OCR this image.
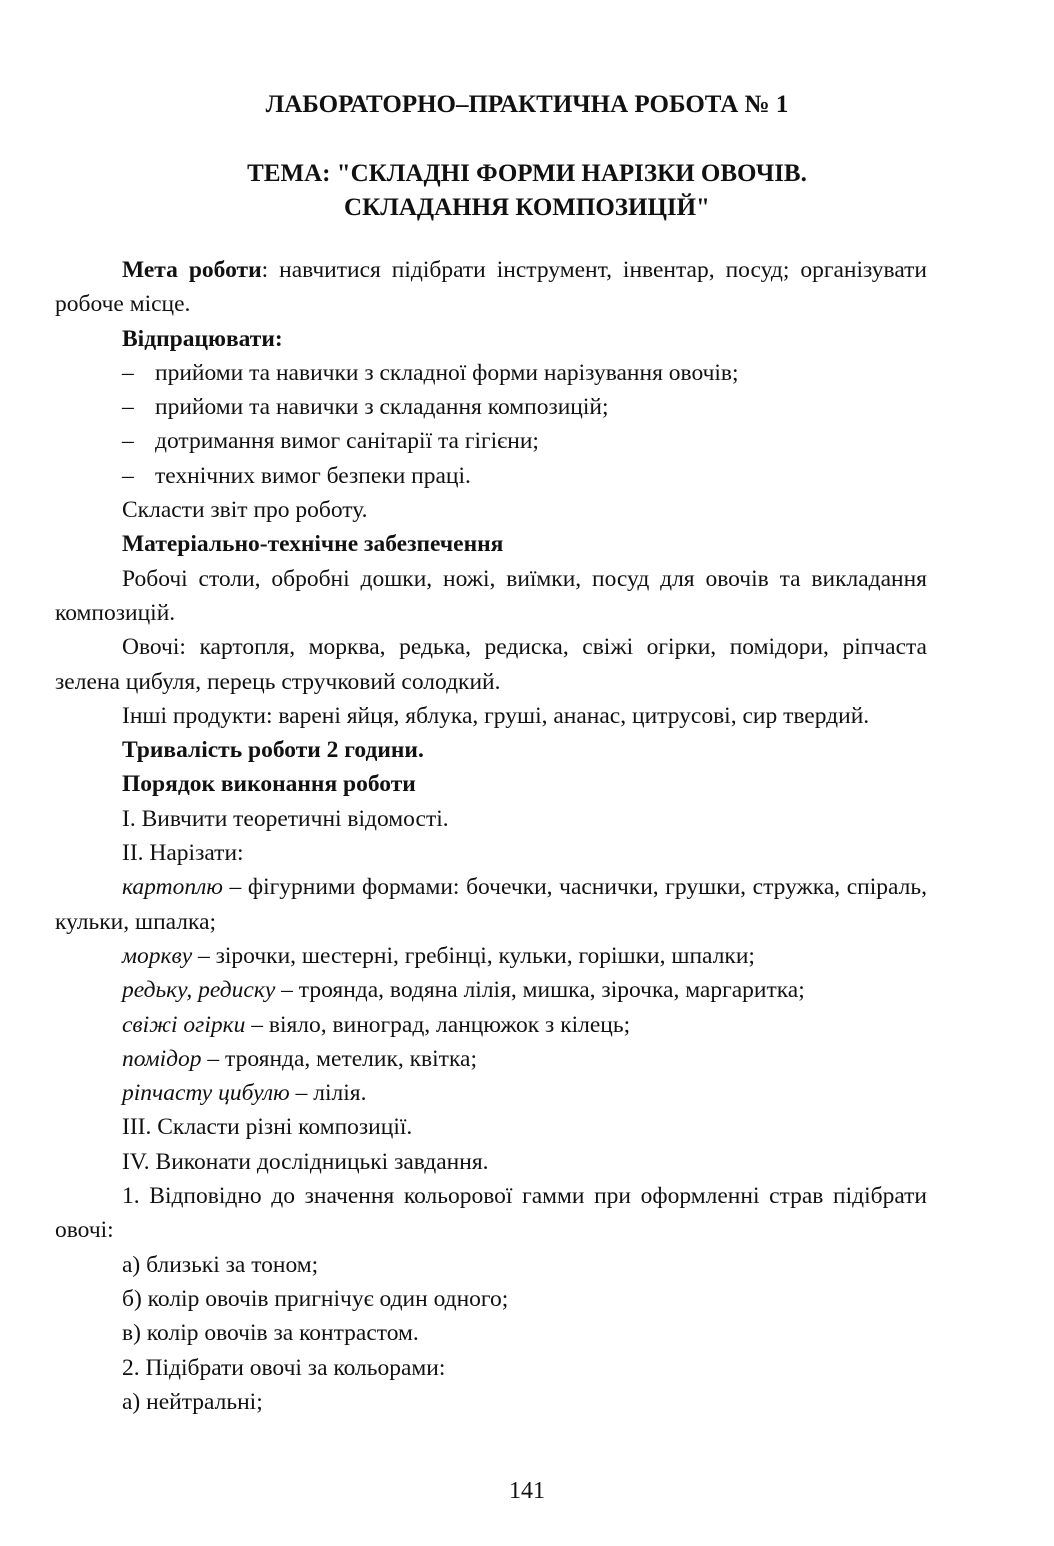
ЛАБОРАТОРНО–ПРАКТИЧНА РОБОТА № 1
ТЕМА: "СКЛАДНІ ФОРМИ НАРІЗКИ ОВОЧІВ.
СКЛАДАННЯ КОМПОЗИЦІЙ"

Мета роботи: навчитися підібрати інструмент, інвентар, посуд; організувати робоче місце.

Відпрацювати:

– прийоми та навички з складної форми нарізування овочів;

– прийоми та навички з складання композицій;

– дотримання вимог санітарії та гігієни;

– технічних вимог безпеки праці.

Скласти звіт про роботу.

Матеріально-технічне забезпечення

Робочі столи, обробні дошки, ножі, виїмки, посуд для овочів та викладання композицій.

Овочі: картопля, морква, редька, редиска, свіжі огірки, помідори, ріпчаста зелена цибуля, перець стручковий солодкий.

Інші продукти: варені яйця, яблука, груші, ананас, цитрусові, сир твердий.

Тривалість роботи 2 години.

Порядок виконання роботи

І. Вивчити теоретичні відомості.

ІІ. Нарізати:

картоплю – фігурними формами: бочечки, часнички, грушки, стружка, спіраль, кульки, шпалка;

моркву – зірочки, шестерні, гребінці, кульки, горішки, шпалки;

редьку, редиску – троянда, водяна лілія, мишка, зірочка, маргаритка;

свіжі огірки – віяло, виноград, ланцюжок з кілець;

помідор – троянда, метелик, квітка;

ріпчасту цибулю – лілія.

ІІІ. Скласти різні композиції.

IV. Виконати дослідницькі завдання.

1. Відповідно до значення кольорової гамми при оформленні страв підібрати овочі:

а) близькі за тоном;

б) колір овочів пригнічує один одного;

в) колір овочів за контрастом.

2. Підібрати овочі за кольорами:

а) нейтральні;

141
